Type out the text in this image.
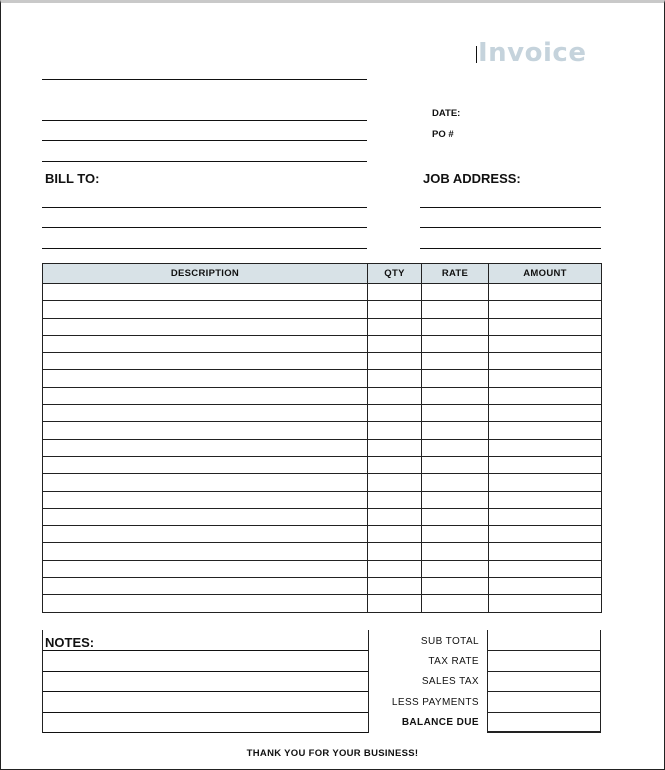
Invoice
DATE:
PO #
BILL TO:	JOB ADDRESS:
DESCRIPTION	QTY	RATE	AMOUNT

NOTES:	SUB TOTAL
TAX RATE
SALES TAX
LESS PAYMENTS
BALANCE DUE
THANK YOU FOR YOUR BUSINESS!
